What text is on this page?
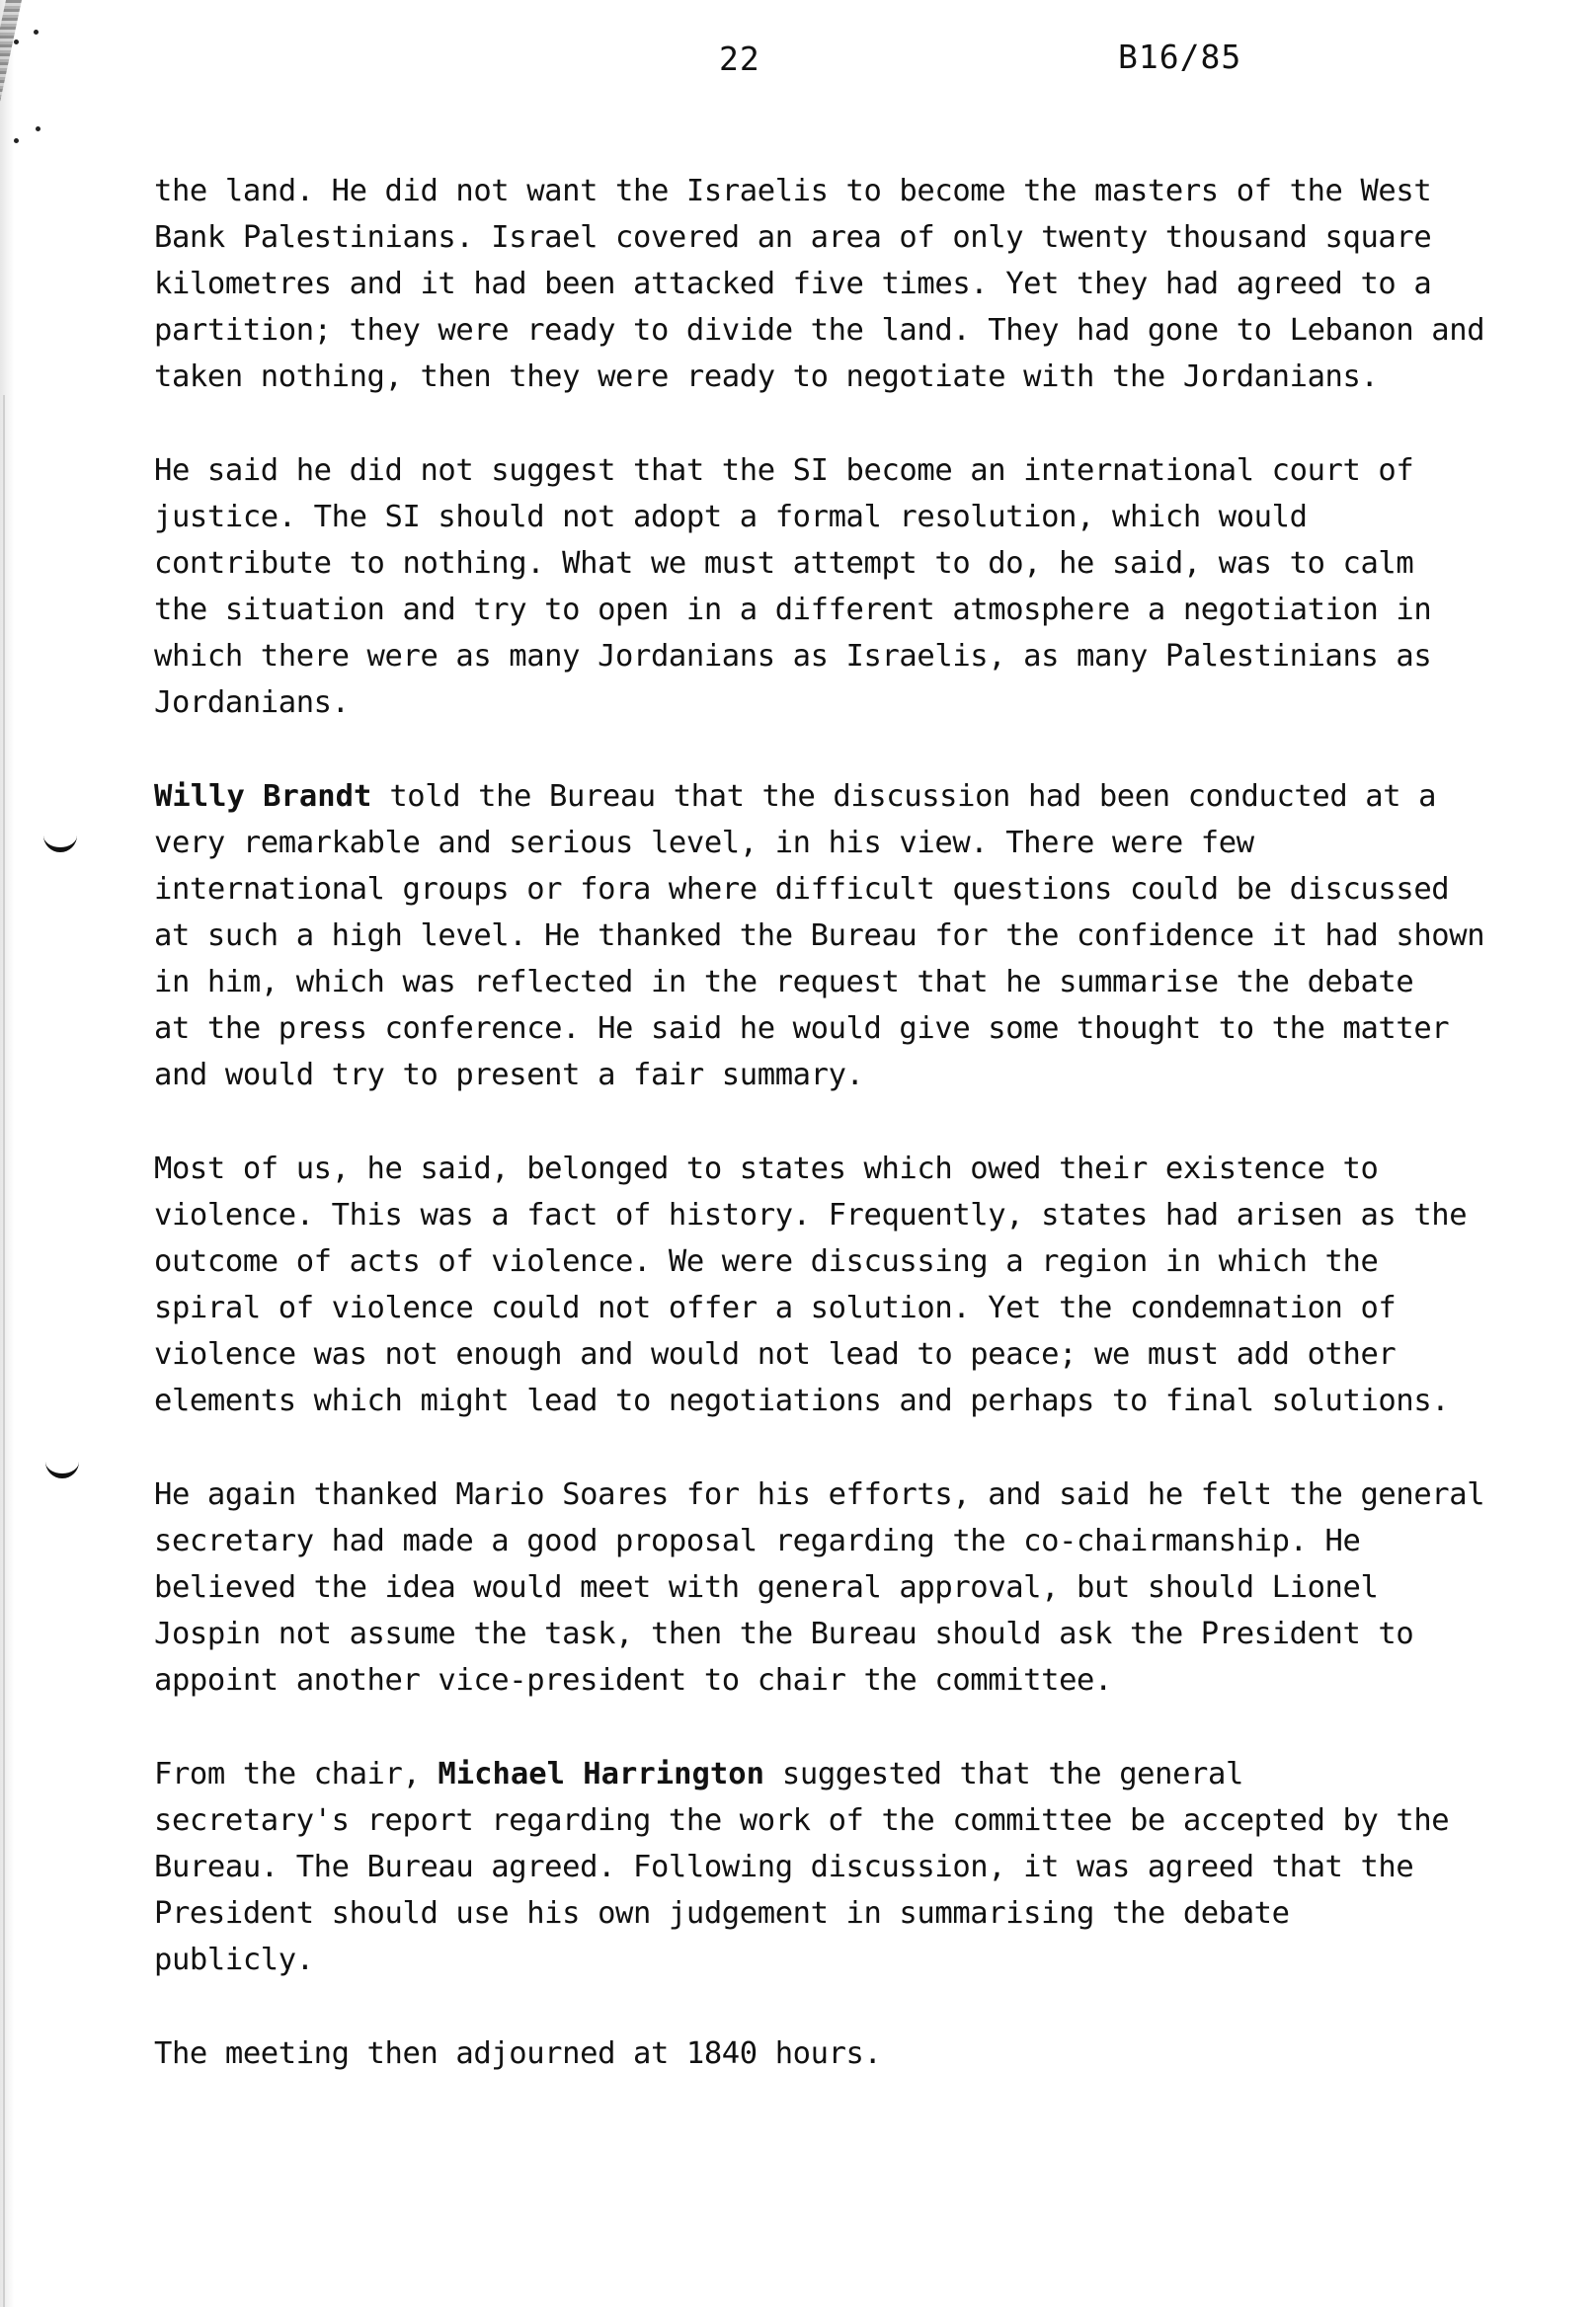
22	B16/85

the land. He did not want the Israelis to become the masters of the West
Bank Palestinians. Israel covered an area of only twenty thousand square
kilometres and it had been attacked five times. Yet they had agreed to a
partition; they were ready to divide the land. They had gone to Lebanon and
taken nothing, then they were ready to negotiate with the Jordanians.

He said he did not suggest that the SI become an international court of
justice. The SI should not adopt a formal resolution, which would
contribute to nothing. What we must attempt to do, he said, was to calm
the situation and try to open in a different atmosphere a negotiation in
which there were as many Jordanians as Israelis, as many Palestinians as
Jordanians.

Willy Brandt told the Bureau that the discussion had been conducted at a
very remarkable and serious level, in his view. There were few
international groups or fora where difficult questions could be discussed
at such a high level. He thanked the Bureau for the confidence it had shown
in him, which was reflected in the request that he summarise the debate
at the press conference. He said he would give some thought to the matter
and would try to present a fair summary.

Most of us, he said, belonged to states which owed their existence to
violence. This was a fact of history. Frequently, states had arisen as the
outcome of acts of violence. We were discussing a region in which the
spiral of violence could not offer a solution. Yet the condemnation of
violence was not enough and would not lead to peace; we must add other
elements which might lead to negotiations and perhaps to final solutions.

He again thanked Mario Soares for his efforts, and said he felt the general
secretary had made a good proposal regarding the co-chairmanship. He
believed the idea would meet with general approval, but should Lionel
Jospin not assume the task, then the Bureau should ask the President to
appoint another vice-president to chair the committee.

From the chair, Michael Harrington suggested that the general
secretary's report regarding the work of the committee be accepted by the
Bureau. The Bureau agreed. Following discussion, it was agreed that the
President should use his own judgement in summarising the debate
publicly.

The meeting then adjourned at 1840 hours.
